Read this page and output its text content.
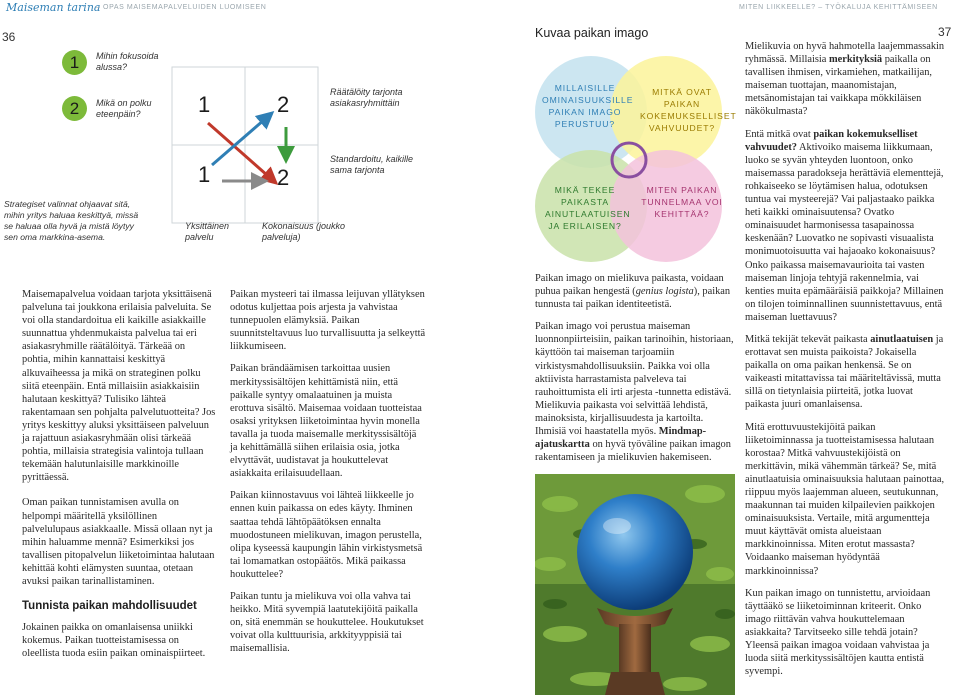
Maiseman tarina
– OPAS MAISEMAPALVELUIDEN LUOMISEEN	MITEN LIIKKEELLE? – TYÖKALUJA KEHITTÄMISEEN
36	37
1	Mihin fokusoida alussa?
2	Mikä on polku eteenpäin?
Strategiset valinnat ohjaavat sitä, mihin yritys haluaa keskittyä, missä se haluaa olla hyvä ja mistä löytyy sen oma markkina-asema.
1	2
1	2
Räätälöity tarjonta asiakasryhmittäin
Standardoitu, kaikille sama tarjonta
Yksittäinen palvelu
Kokonaisuus (joukko palveluja)

Maisemapalvelua voidaan tarjota yksittäisenä palveluna tai joukkona erilaisia palveluita. Se voi olla standardoitua eli kaikille asiakkaille suunnattua yhdenmukaista palvelua tai eri asiakasryhmille räätälöityä. Tärkeää on pohtia, mihin kannattaisi keskittyä alkuvaiheessa ja mikä on strateginen polku siitä eteenpäin. Entä millaisiin asiakkaisiin halutaan keskittyä? Tulisiko lähteä rakentamaan sen pohjalta palvelutuotteita? Jos yritys keskittyy aluksi yksittäiseen palveluun ja rajattuun asiakasryhmään olisi tärkeää pohtia, millaisia strategisia valintoja tullaan tekemään halutunlaisille markkinoille pyrittäessä.

Oman paikan tunnistamisen avulla on helpompi määritellä yksilöllinen palvelulupaus asiakkaalle. Missä ollaan nyt ja mihin haluamme mennä? Esimerkiksi jos tavallisen pitopalvelun liiketoimintaa halutaan kehittää kohti elämysten suuntaa, otetaan avuksi paikan tarinallistaminen.

Tunnista paikan mahdollisuudet

Jokainen paikka on omanlaisensa uniikki kokemus. Paikan tuotteistamisessa on oleellista tuoda esiin paikan ominaispiirteet.

Paikan mysteeri tai ilmassa leijuvan yllätyksen odotus kuljettaa pois arjesta ja vahvistaa tunnepuolen elämyksiä. Paikan suunnitsteltavuus luo turvallisuutta ja selkeyttä liikkumiseen.

Paikan brändäämisen tarkoittaa uusien merkityssisältöjen kehittämistä niin, että paikalle syntyy omalaatuinen ja muista erottuva sisältö. Maisemaa voidaan tuotteistaa osaksi yrityksen liiketoimintaa hyvin monella tavalla ja tuoda maisemalle merkityssisältöjä ja kehittämällä siihen erilaisia osia, jotka elvyttävät, uudistavat ja houkuttelevat asiakkaita erilaisuudellaan.

Paikan kiinnostavuus voi lähteä liikkeelle jo ennen kuin paikassa on edes käyty. Ihminen saattaa tehdä lähtöpäätöksen ennalta muodostuneen mielikuvan, imagon perustella, olipa kyseessä kaupungin lähin virkistysmetsä tai lomamatkan ostopäätös. Mikä paikassa houkuttelee?

Paikan tuntu ja mielikuva voi olla vahva tai heikko. Mitä syvempiä laatutekijöitä paikalla on, sitä enemmän se houkuttelee. Houkutukset voivat olla kulttuurisia, arkkityyppisiä tai maisemallisia.

Kuvaa paikan imago
MILLAISILLE OMINAISUUKSILLE PAIKAN IMAGO PERUSTUU?
MITKÄ OVAT PAIKAN KOKEMUKSELLISET VAHVUUDET?
MIKÄ TEKEE PAIKASTA AINUTLAATUISEN JA ERILAISEN?
MITEN PAIKAN TUNNELMAA VOI KEHITTÄÄ?

Paikan imago on mielikuva paikasta, voidaan puhua paikan hengestä (genius logista), paikan tunnusta tai paikan identiteetistä.

Paikan imago voi perustua maiseman luonnonpiirteisiin, paikan tarinoihin, historiaan, käyttöön tai maiseman tarjoamiin virkistysmahdollisuuksiin. Paikka voi olla aktiivista harrastamista palveleva tai rauhoittumista eli irti arjesta -tunnetta edistävä. Mielikuvia paikasta voi selvittää lehdistä, mainoksista, kirjallisuudesta ja kartoilta. Ihmisiä voi haastatella myös. Mindmap-ajatuskartta on hyvä työväline paikan imagon rakentamiseen ja mielikuvien hakemiseen.

Mielikuvia on hyvä hahmotella laajemmassakin ryhmässä. Millaisia merkityksiä paikalla on tavallisen ihmisen, virkamiehen, matkailijan, maiseman tuottajan, maanomistajan, metsänomistajan tai vaikkapa mökkiläisen näkökulmasta?

Entä mitkä ovat paikan kokemukselliset vahvuudet? Aktivoiko maisema liikkumaan, luoko se syvän yhteyden luontoon, onko maisemassa paradokseja herättäviä elementtejä, rohkaiseeko se löytämisen halua, odotuksen tuntua vai mysteerejä? Vai paljastaako paikka heti kaikki ominaisuutensa? Ovatko ominaisuudet harmonisessa tasapainossa keskenään? Luovatko ne sopivasti visuaalista monimuotoisuutta vai hajaoako kokonaisuus? Onko paikassa maisemavaurioita tai vasten maiseman linjoja tehtyjä rakennelmia, vai kenties muita epämääräisiä paikkoja? Millainen on tilojen toiminnallinen suunnistettavuus, entä maiseman luettavuus?

Mitkä tekijät tekevät paikasta ainutlaatuisen ja erottavat sen muista paikoista? Jokaisella paikalla on oma paikan henkensä. Se on vaikeasti mitattavissa tai määriteltävissä, mutta sillä on tietynlaisia piirteitä, jotka luovat paikasta juuri omanlaisensa.

Mitä erottuvuustekijöitä paikan liiketoiminnassa ja tuotteistamisessa halutaan korostaa? Mitkä vahvuustekijöistä on merkittävin, mikä vähemmän tärkeä? Se, mitä ainutlaatuisia ominaisuuksia halutaan painottaa, riippuu myös laajemman alueen, seutukunnan, maakunnan tai muiden kilpailevien paikkojen ominaisuuksista. Vertaile, mitä argumentteja muut käyttävät omista alueistaan markkinoinnissa. Miten erotut massasta? Voidaanko maiseman hyödyntää markkinoinnissa?

Kun paikan imago on tunnistettu, arvioidaan täyttääkö se liiketoiminnan kriteerit. Onko imago riittävän vahva houkuttelemaan asiakkaita? Tarvitseeko sille tehdä jotain? Yleensä paikan imagoa voidaan vahvistaa ja luoda siitä merkityssisältöjen kautta entistä syvempi.
